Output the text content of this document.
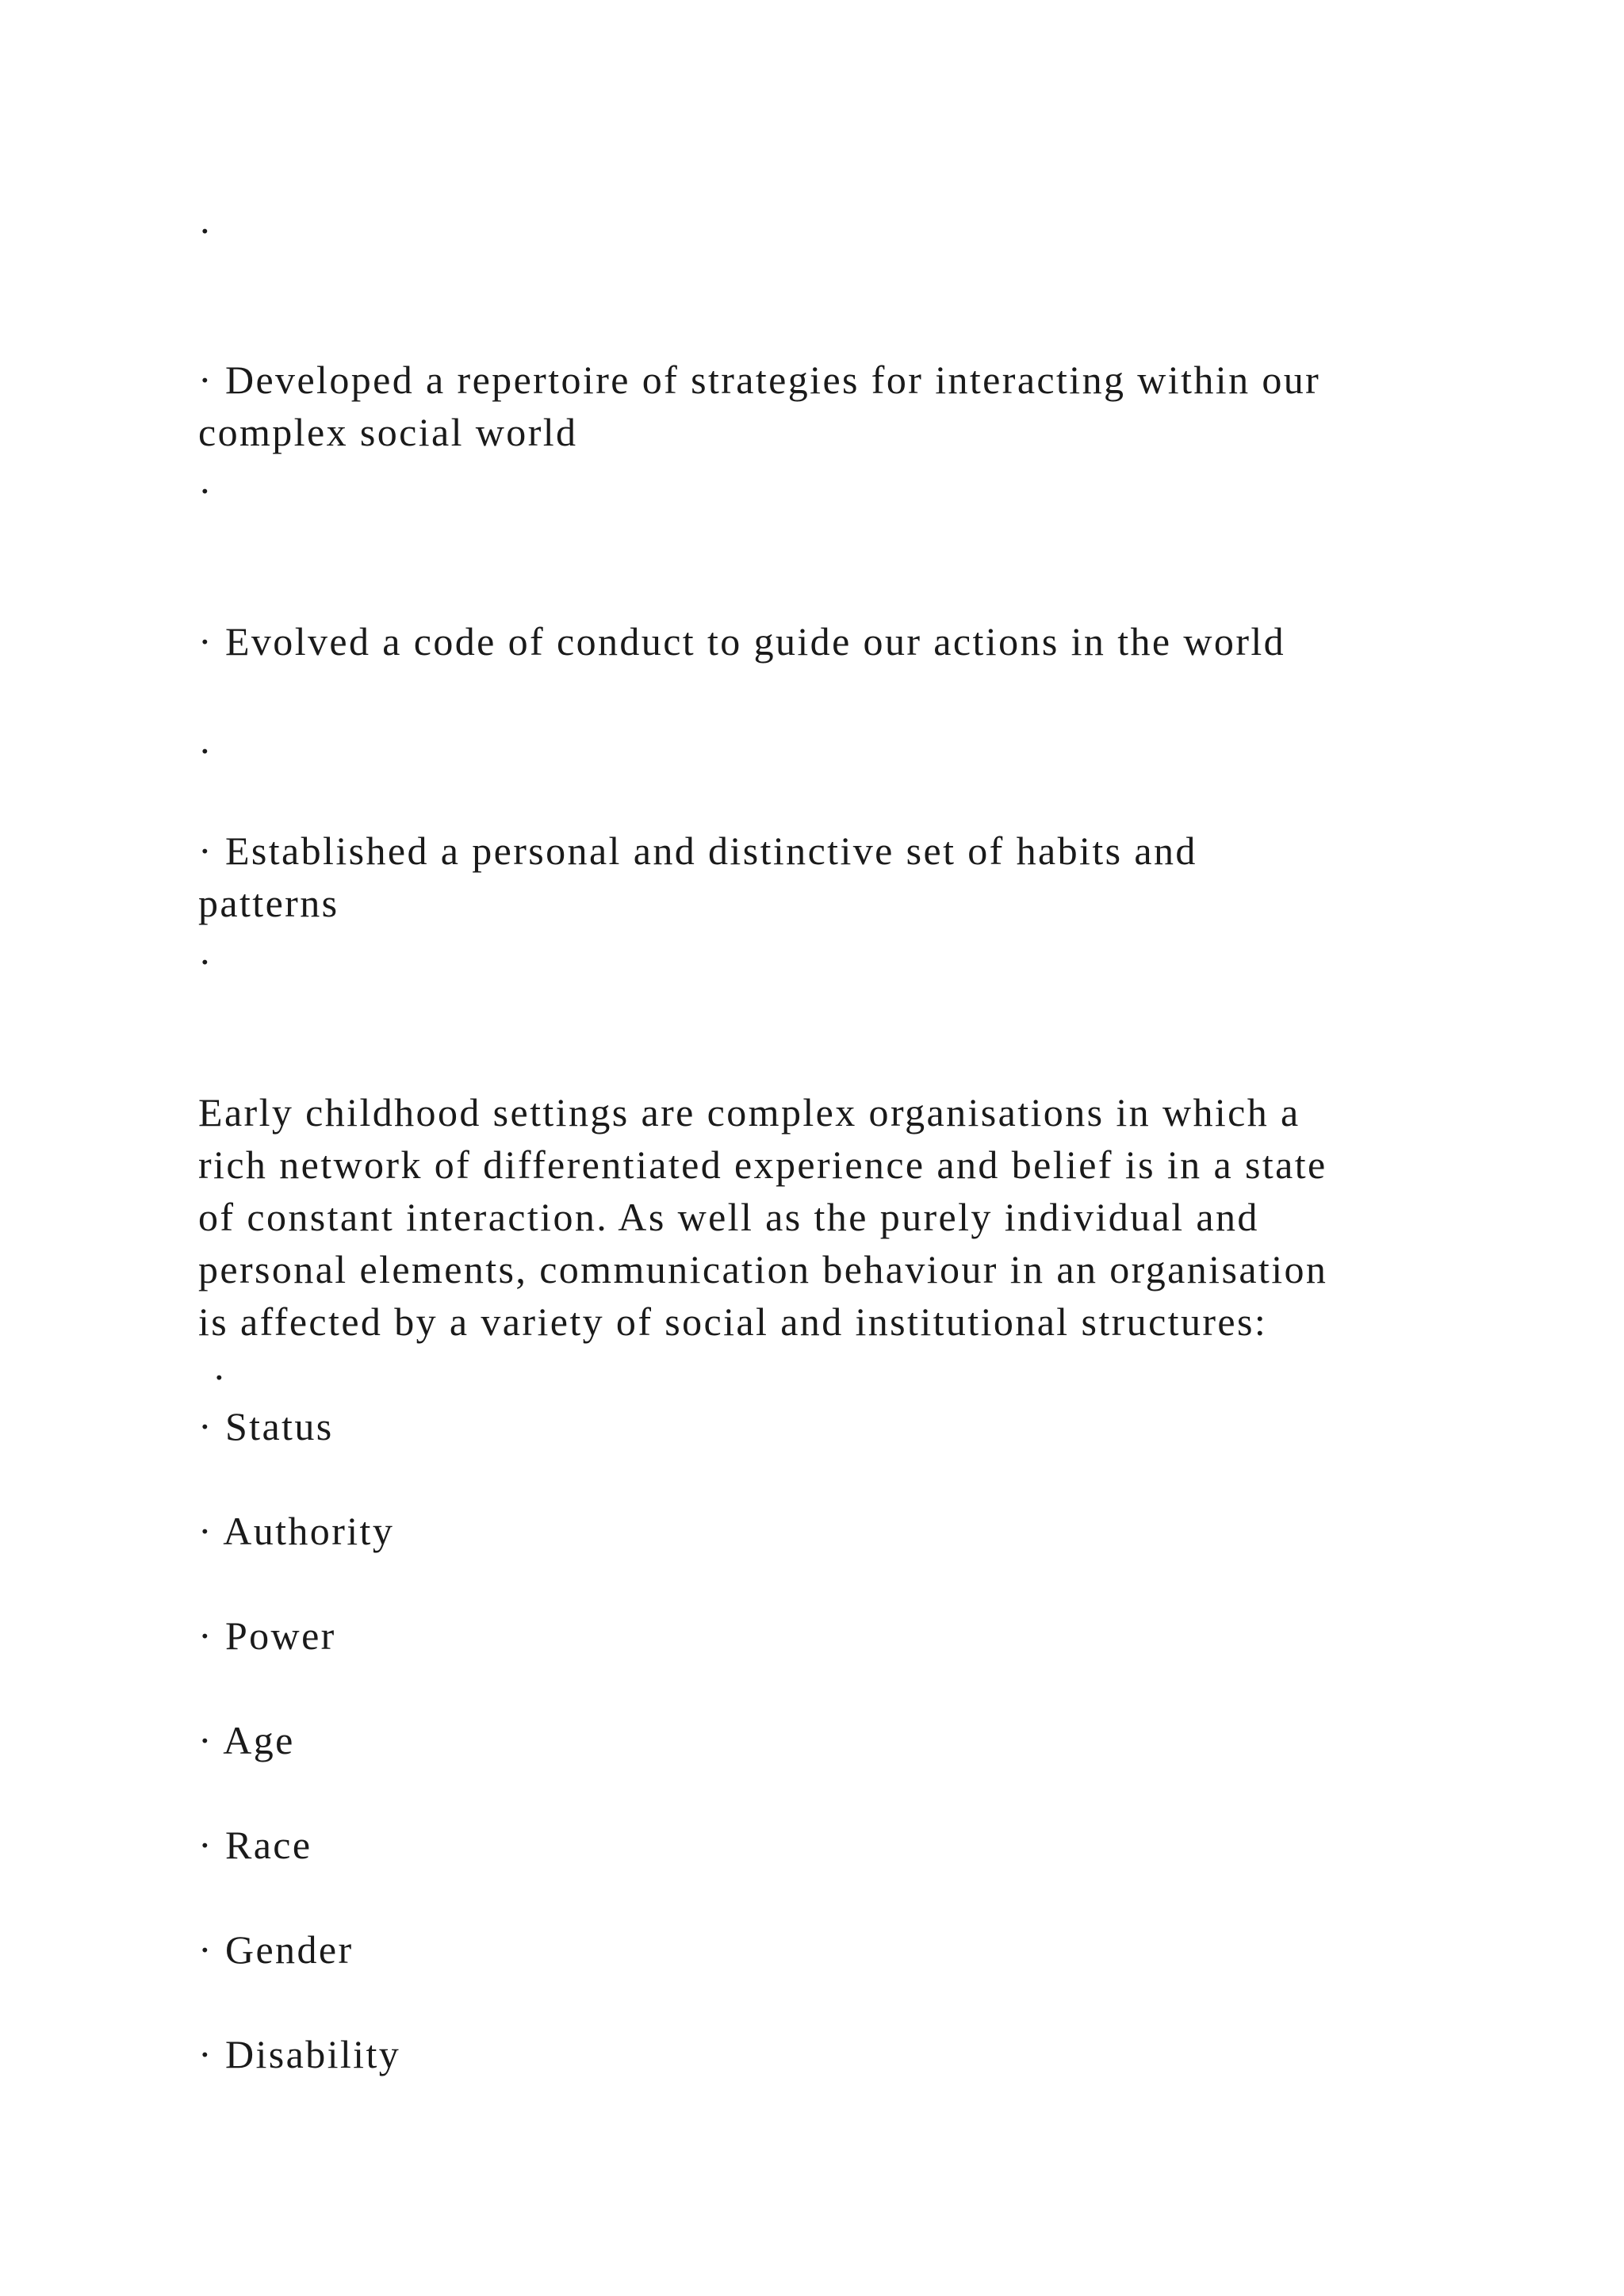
·

· Developed a repertoire of strategies for interacting within our

complex social world

·

· Evolved a code of conduct to guide our actions in the world

·

· Established a personal and distinctive set of habits and

patterns

·

Early childhood settings are complex organisations in which a

rich network of differentiated experience and belief is in a state

of constant interaction. As well as the purely individual and

personal elements, communication behaviour in an organisation

is affected by a variety of social and institutional structures:

·

· Status

· Authority

· Power

· Age

· Race

· Gender

· Disability
